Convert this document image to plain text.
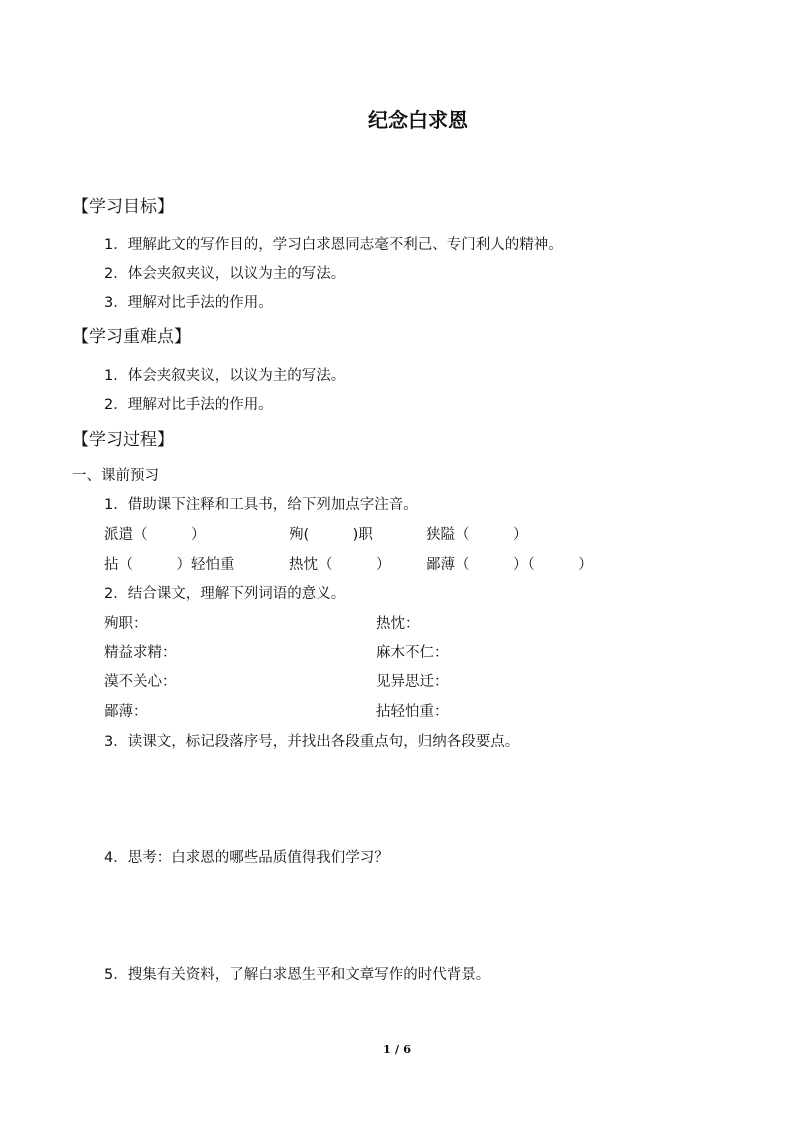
纪念白求恩
【学习目标】
1．理解此文的写作目的，学习白求恩同志毫不利己、专门利人的精神。
2．体会夹叙夹议，以议为主的写法。
3．理解对比手法的作用。
【学习重难点】
1．体会夹叙夹议，以议为主的写法。
2．理解对比手法的作用。
【学习过程】
一、课前预习
1．借助课下注释和工具书，给下列加点字注音。
派遣（　　　）	殉(　　　)职	狭隘（　　　）
拈（　　　）轻怕重	热忱（　　　） 鄙薄（　　　）（　　　）
2．结合课文，理解下列词语的意义。
殉职：	热忱：
精益求精：	麻木不仁：
漠不关心：	见异思迁：
鄙薄：	拈轻怕重：
3．读课文，标记段落序号，并找出各段重点句，归纳各段要点。
4．思考：白求恩的哪些品质值得我们学习？
5．搜集有关资料，了解白求恩生平和文章写作的时代背景。
1 / 6
